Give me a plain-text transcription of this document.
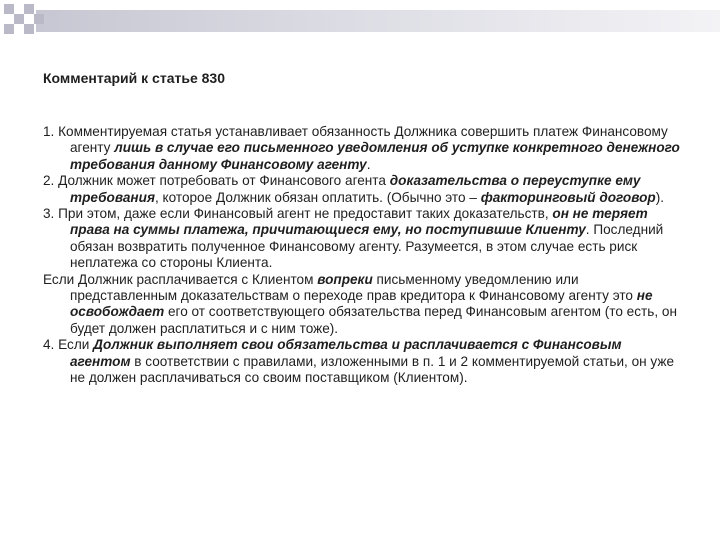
Комментарий к статье 830

1. Комментируемая статья устанавливает обязанность Должника совершить платеж Финансовому агенту лишь в случае его письменного уведомления об уступке конкретного денежного требования данному Финансовому агенту.

2. Должник может потребовать от Финансового агента доказательства о переуступке ему требования, которое Должник обязан оплатить. (Обычно это – факторинговый договор).

3. При этом, даже если Финансовый агент не предоставит таких доказательств, он не теряет права на суммы платежа, причитающиеся ему, но поступившие Клиенту. Последний обязан возвратить полученное Финансовому агенту. Разумеется, в этом случае есть риск неплатежа со стороны Клиента.

Если Должник расплачивается с Клиентом вопреки письменному уведомлению или представленным доказательствам о переходе прав кредитора к Финансовому агенту это не освобождает его от соответствующего обязательства перед Финансовым агентом (то есть, он будет должен расплатиться и с ним тоже).

4. Если Должник выполняет свои обязательства и расплачивается с Финансовым агентом в соответствии с правилами, изложенными в п. 1 и 2 комментируемой статьи, он уже не должен расплачиваться со своим поставщиком (Клиентом).
